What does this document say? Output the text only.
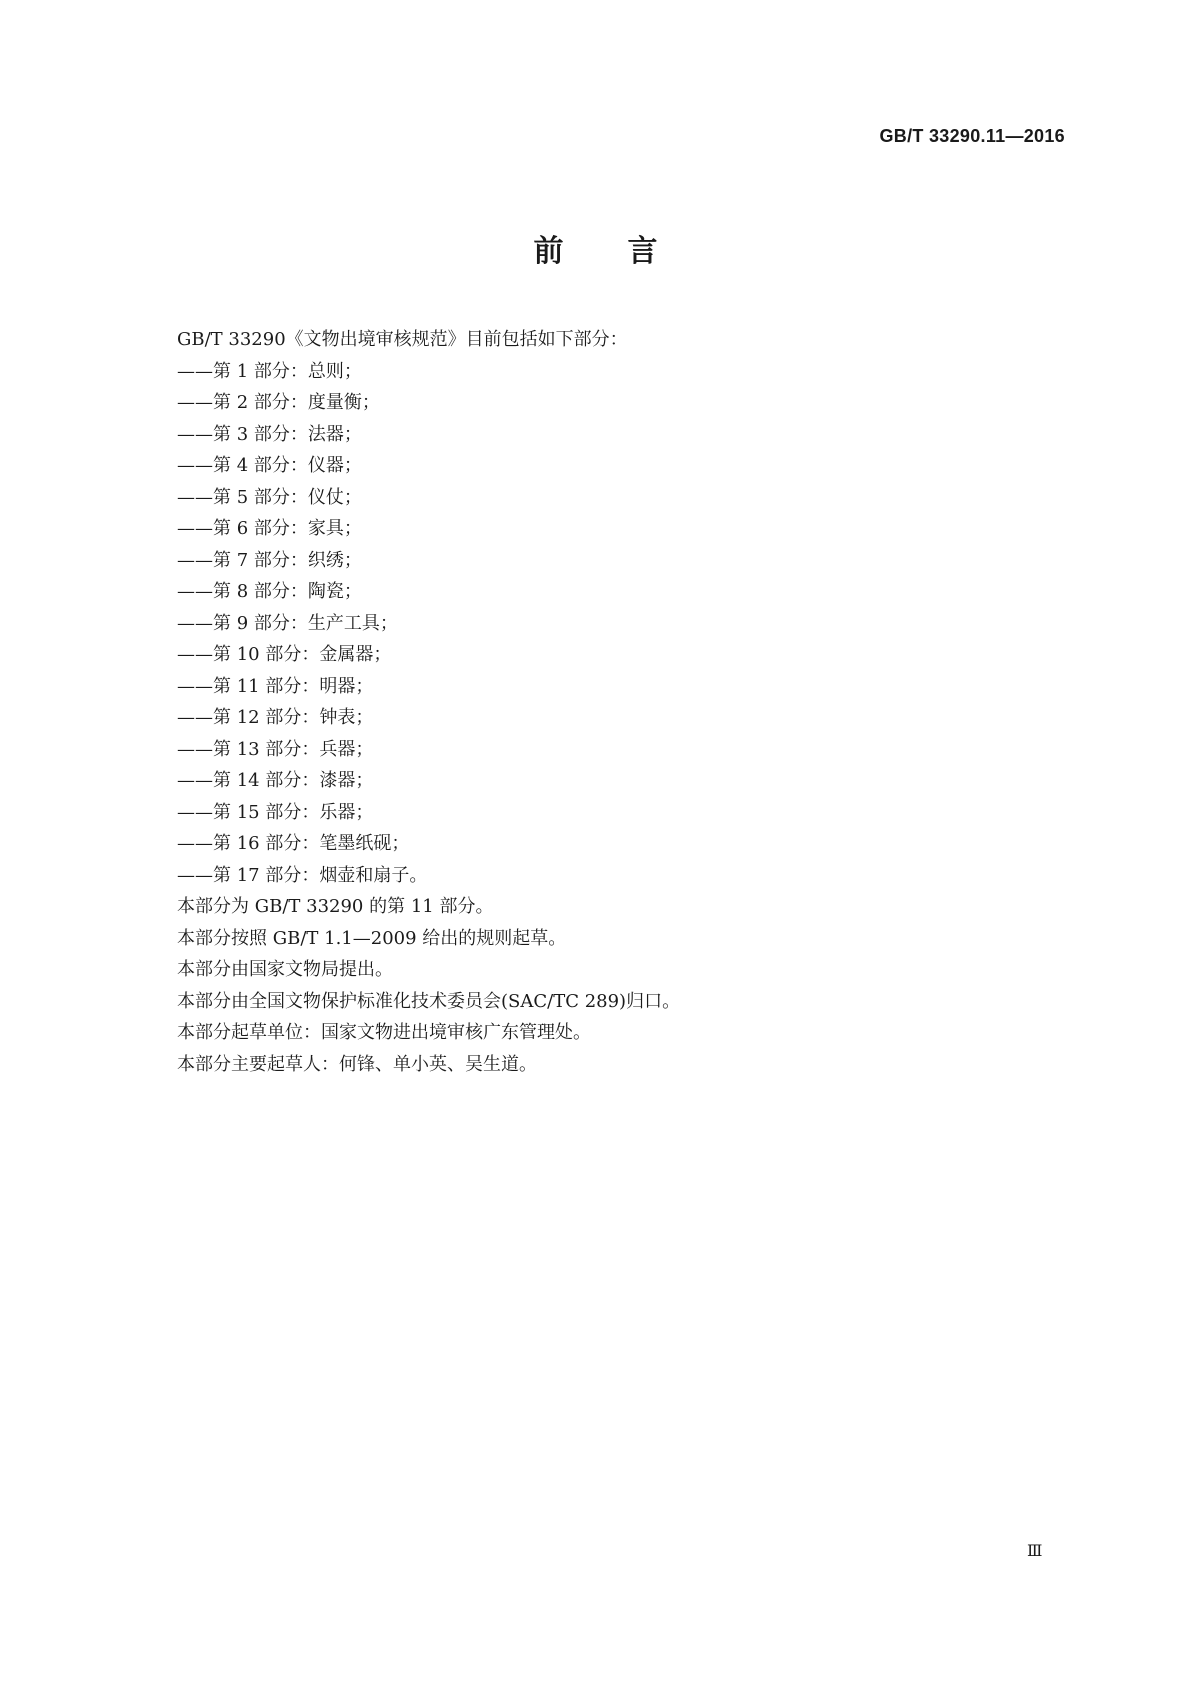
GB/T 33290.11—2016
前言
GB/T 33290《文物出境审核规范》目前包括如下部分：
——第 1 部分：总则；
——第 2 部分：度量衡；
——第 3 部分：法器；
——第 4 部分：仪器；
——第 5 部分：仪仗；
——第 6 部分：家具；
——第 7 部分：织绣；
——第 8 部分：陶瓷；
——第 9 部分：生产工具；
——第 10 部分：金属器；
——第 11 部分：明器；
——第 12 部分：钟表；
——第 13 部分：兵器；
——第 14 部分：漆器；
——第 15 部分：乐器；
——第 16 部分：笔墨纸砚；
——第 17 部分：烟壶和扇子。
本部分为 GB/T 33290 的第 11 部分。
本部分按照 GB/T 1.1—2009 给出的规则起草。
本部分由国家文物局提出。
本部分由全国文物保护标准化技术委员会(SAC/TC 289)归口。
本部分起草单位：国家文物进出境审核广东管理处。
本部分主要起草人：何锋、单小英、吴生道。
Ⅲ
